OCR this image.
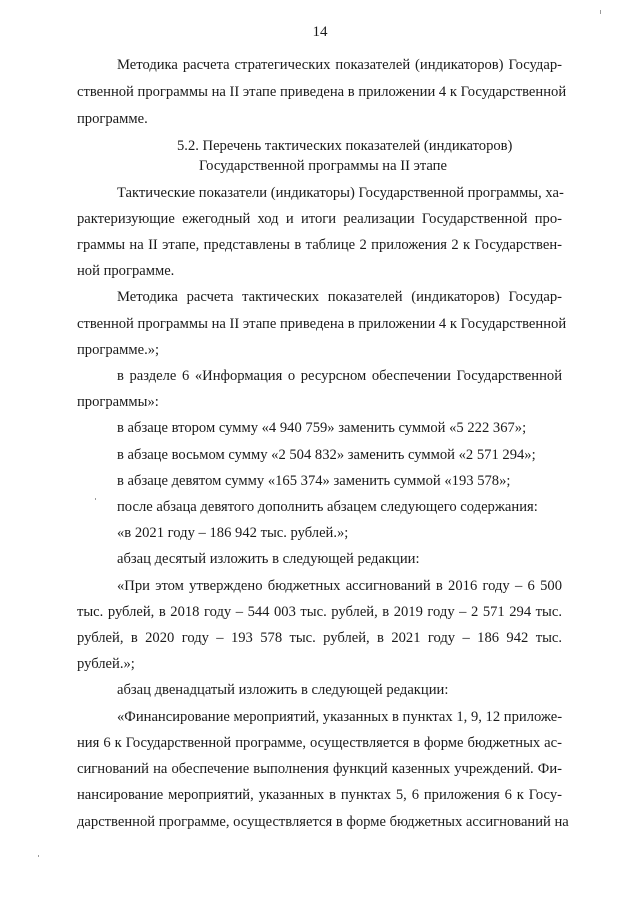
14
Методика расчета стратегических показателей (индикаторов) Государ-
ственной программы на II этапе приведена в приложении 4 к Государственной
программе.
5.2. Перечень тактических показателей (индикаторов)
Государственной программы на II этапе
Тактические показатели (индикаторы) Государственной программы, ха-
рактеризующие ежегодный ход и итоги реализации Государственной про-
граммы на II этапе, представлены в таблице 2 приложения 2 к Государствен-
ной программе.
Методика расчета тактических показателей (индикаторов) Государ-
ственной программы на II этапе приведена в приложении 4 к Государственной
программе.»;
в разделе 6 «Информация о ресурсном обеспечении Государственной
программы»:
в абзаце втором сумму «4 940 759» заменить суммой «5 222 367»;
в абзаце восьмом сумму «2 504 832» заменить суммой «2 571 294»;
в абзаце девятом сумму «165 374» заменить суммой «193 578»;
после абзаца девятого дополнить абзацем следующего содержания:
«в 2021 году – 186 942 тыс. рублей.»;
абзац десятый изложить в следующей редакции:
«При этом утверждено бюджетных ассигнований в 2016 году – 6 500
тыс. рублей, в 2018 году – 544 003 тыс. рублей, в 2019 году – 2 571 294 тыс.
рублей, в 2020 году – 193 578 тыс. рублей, в 2021 году – 186 942 тыс.
рублей.»;
абзац двенадцатый изложить в следующей редакции:
«Финансирование мероприятий, указанных в пунктах 1, 9, 12 приложе-
ния 6 к Государственной программе, осуществляется в форме бюджетных ас-
сигнований на обеспечение выполнения функций казенных учреждений. Фи-
нансирование мероприятий, указанных в пунктах 5, 6 приложения 6 к Госу-
дарственной программе, осуществляется в форме бюджетных ассигнований на
